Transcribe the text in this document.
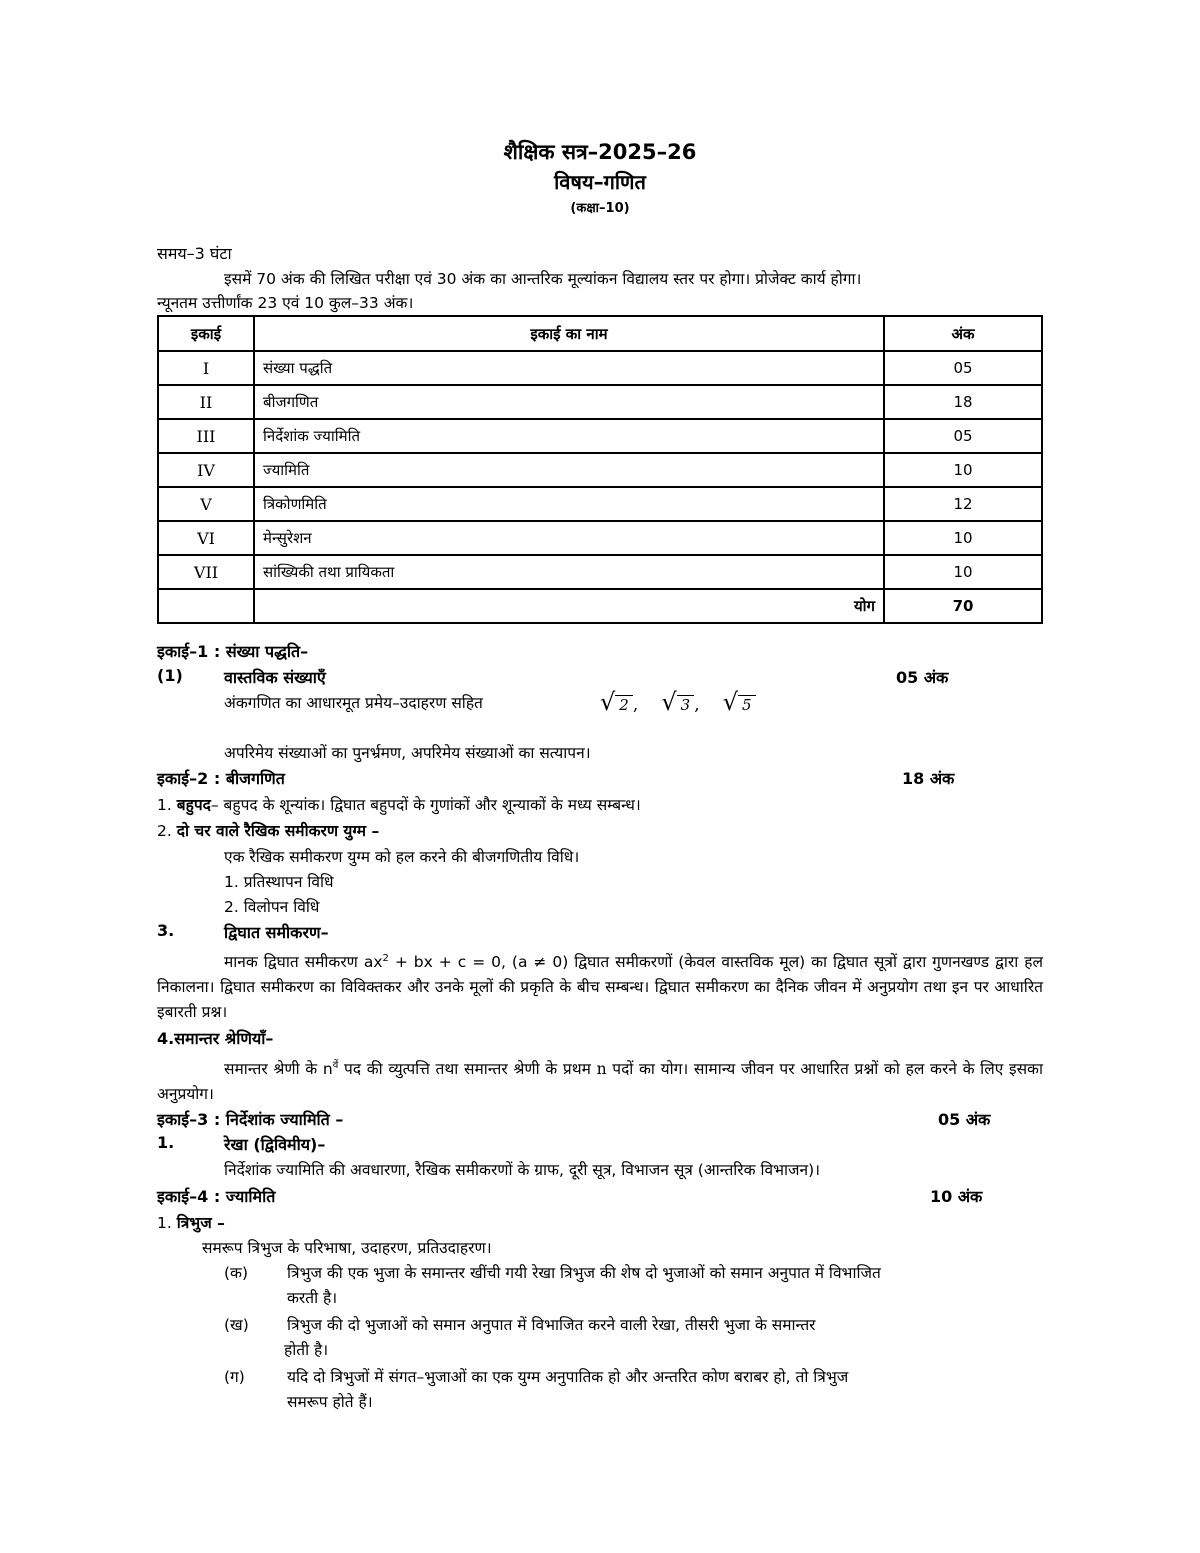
शैक्षिक सत्र–2025–26
विषय–गणित
(कक्षा–10)
समय–3 घंटा
इसमें 70 अंक की लिखित परीक्षा एवं 30 अंक का आन्तरिक मूल्यांकन विद्यालय स्तर पर होगा। प्रोजेक्ट कार्य होगा।
न्यूनतम उत्तीर्णांक 23 एवं 10 कुल–33 अंक।
इकाई	इकाई का नाम	अंक
I	संख्या पद्धति	05
II	बीजगणित	18
III	निर्देशांक ज्यामिति	05
IV	ज्यामिति	10
V	त्रिकोणमिति	12
VI	मेन्सुरेशन	10
VII	सांख्यिकी तथा प्रायिकता	10
	योग	70
इकाई–1 : संख्या पद्धति–
(1)	वास्तविक संख्याएँ	05 अंक
अंकगणित का आधारमूत प्रमेय–उदाहरण सहित	√ 2 , √ 3 , √ 5
अपरिमेय संख्याओं का पुनर्भ्रमण, अपरिमेय संख्याओं का सत्यापन।
इकाई–2 : बीजगणित	18 अंक
1. बहुपद– बहुपद के शून्यांक। द्विघात बहुपदों के गुणांकों और शून्याकों के मध्य सम्बन्ध।
2. दो चर वाले रैखिक समीकरण युग्म –
एक रैखिक समीकरण युग्म को हल करने की बीजगणितीय विधि।
1. प्रतिस्थापन विधि
2. विलोपन विधि
3.	द्विघात समीकरण–
मानक द्विघात समीकरण $ax^2$ + bx + c = 0, (a ≠ 0) द्विघात समीकरणों (केवल वास्तविक मूल) का द्विघात सूत्रों द्वारा गुणनखण्ड द्वारा हल निकालना। द्विघात समीकरण का विविक्तकर और उनके मूलों की प्रकृति के बीच सम्बन्ध। द्विघात समीकरण का दैनिक जीवन में अनुप्रयोग तथा इन पर आधारित इबारती प्रश्न।
4.समान्तर श्रेणियाँ–
समान्तर श्रेणी के $n^{वें}$ पद की व्युत्पत्ति तथा समान्तर श्रेणी के प्रथम n पदों का योग। सामान्य जीवन पर आधारित प्रश्नों को हल करने के लिए इसका अनुप्रयोग।
इकाई–3 : निर्देशांक ज्यामिति –	05 अंक
1.	रेखा (द्विविमीय)–
निर्देशांक ज्यामिति की अवधारणा, रैखिक समीकरणों के ग्राफ, दूरी सूत्र, विभाजन सूत्र (आन्तरिक विभाजन)।
इकाई–4 : ज्यामिति	10 अंक
1. त्रिभुज –
समरूप त्रिभुज के परिभाषा, उदाहरण, प्रतिउदाहरण।
(क)	त्रिभुज की एक भुजा के समान्तर खींची गयी रेखा त्रिभुज की शेष दो भुजाओं को समान अनुपात में विभाजित
करती है।
(ख) त्रिभुज की दो भुजाओं को समान अनुपात में विभाजित करने वाली रेखा, तीसरी भुजा के समान्तर
होती है।
(ग)	यदि दो त्रिभुजों में संगत–भुजाओं का एक युग्म अनुपातिक हो और अन्तरित कोण बराबर हो, तो त्रिभुज
समरूप होते हैं।
